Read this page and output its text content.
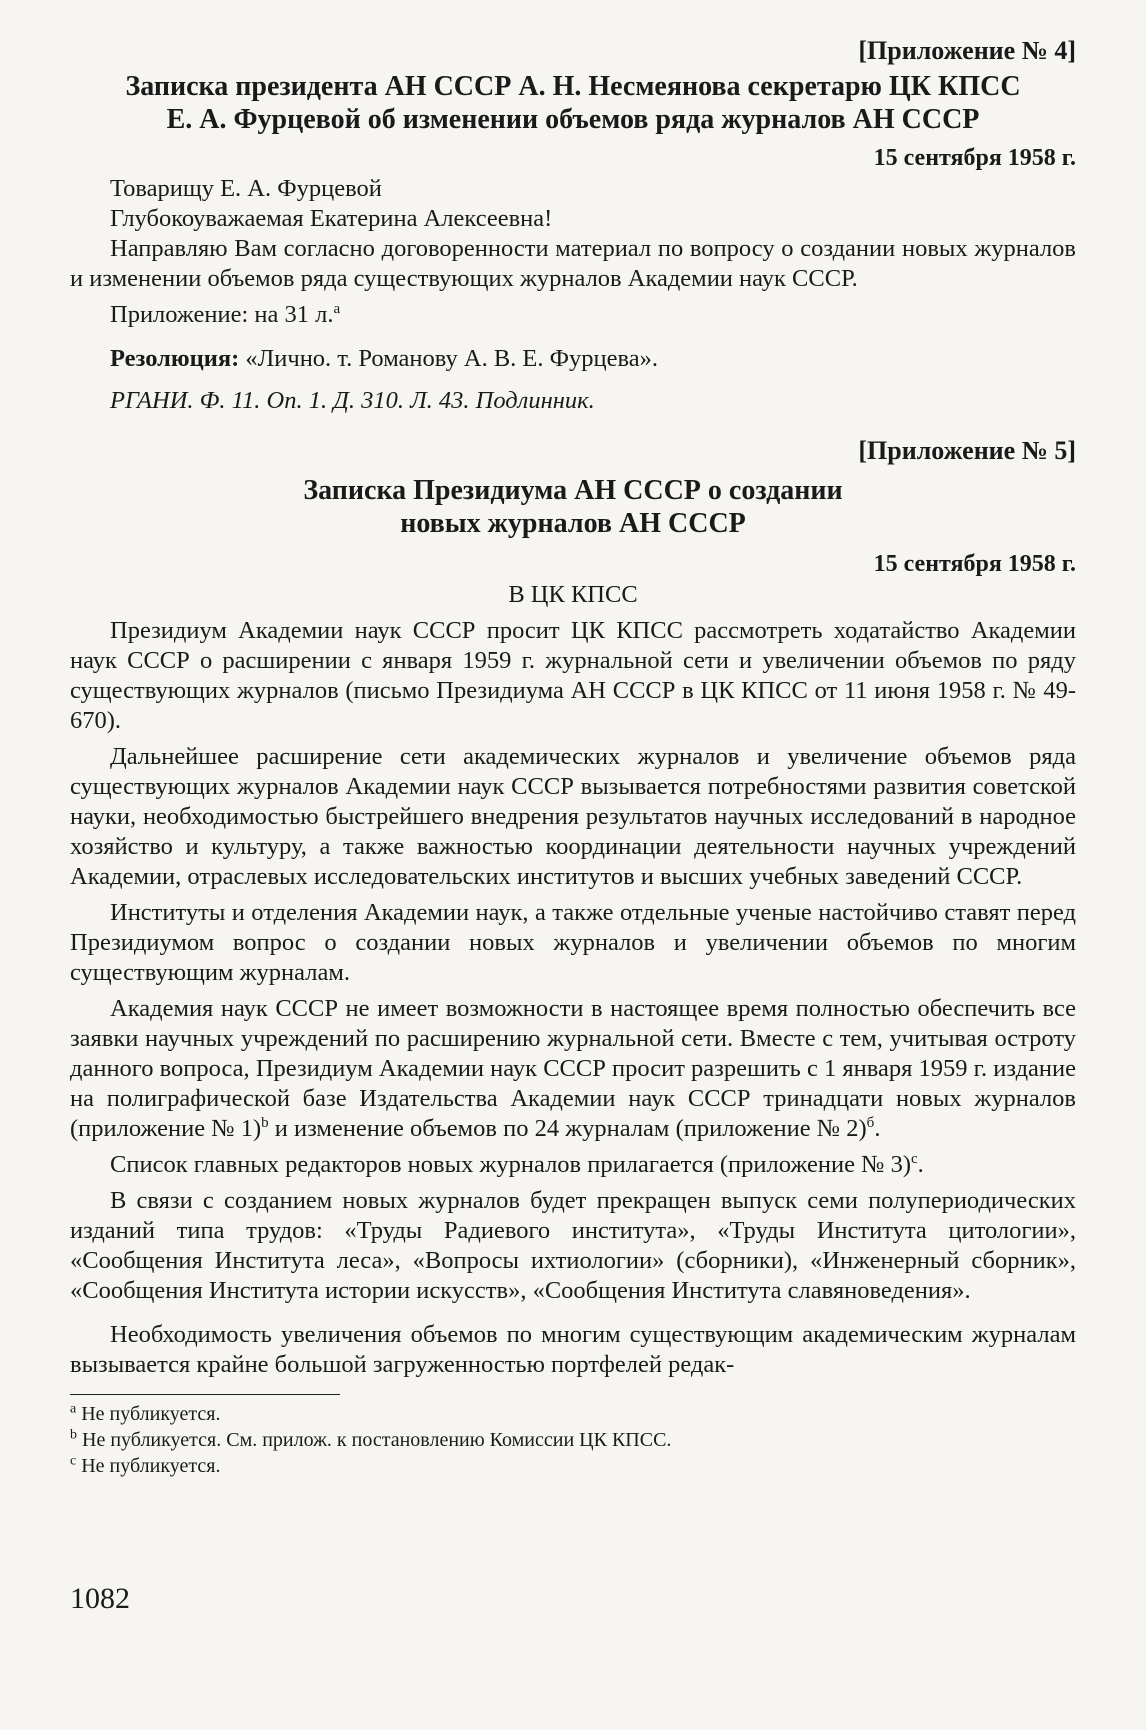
[Приложение № 4]
Записка президента АН СССР А. Н. Несмеянова секретарю ЦК КПСС
Е. А. Фурцевой об изменении объемов ряда журналов АН СССР
15 сентября 1958 г.

Товарищу Е. А. Фурцевой

Глубокоуважаемая Екатерина Алексеевна!

Направляю Вам согласно договоренности материал по вопросу о создании новых журналов и изменении объемов ряда существующих журналов Академии наук СССР.

Приложение: на 31 л.$^a$

Резолюция: «Лично. т. Романову А. В. Е. Фурцева».

РГАНИ. Ф. 11. Оп. 1. Д. 310. Л. 43. Подлинник.

[Приложение № 5]
Записка Президиума АН СССР о создании
новых журналов АН СССР
15 сентября 1958 г.

В ЦК КПСС

Президиум Академии наук СССР просит ЦК КПСС рассмотреть ходатайство Академии наук СССР о расширении с января 1959 г. журнальной сети и увеличении объемов по ряду существующих журналов (письмо Президиума АН СССР в ЦК КПСС от 11 июня 1958 г. № 49-670).

Дальнейшее расширение сети академических журналов и увеличение объемов ряда существующих журналов Академии наук СССР вызывается потребностями развития советской науки, необходимостью быстрейшего внедрения результатов научных исследований в народное хозяйство и культуру, а также важностью координации деятельности научных учреждений Академии, отраслевых исследовательских институтов и высших учебных заведений СССР.

Институты и отделения Академии наук, а также отдельные ученые настойчиво ставят перед Президиумом вопрос о создании новых журналов и увеличении объемов по многим существующим журналам.

Академия наук СССР не имеет возможности в настоящее время полностью обеспечить все заявки научных учреждений по расширению журнальной сети. Вместе с тем, учитывая остроту данного вопроса, Президиум Академии наук СССР просит разрешить с 1 января 1959 г. издание на полиграфической базе Издательства Академии наук СССР тринадцати новых журналов (приложение № 1)$^b$ и изменение объемов по 24 журналам (приложение № 2)$^б$.

Список главных редакторов новых журналов прилагается (приложение № 3)$^c$.

В связи с созданием новых журналов будет прекращен выпуск семи полупериодических изданий типа трудов: «Труды Радиевого института», «Труды Института цитологии», «Сообщения Института леса», «Вопросы ихтиологии» (сборники), «Инженерный сборник», «Сообщения Института истории искусств», «Сообщения Института славяноведения».

Необходимость увеличения объемов по многим существующим академическим журналам вызывается крайне большой загруженностью портфелей редак-

$^a$ Не публикуется.
$^b$ Не публикуется. См. прилож. к постановлению Комиссии ЦК КПСС.
$^c$ Не публикуется.
1082
